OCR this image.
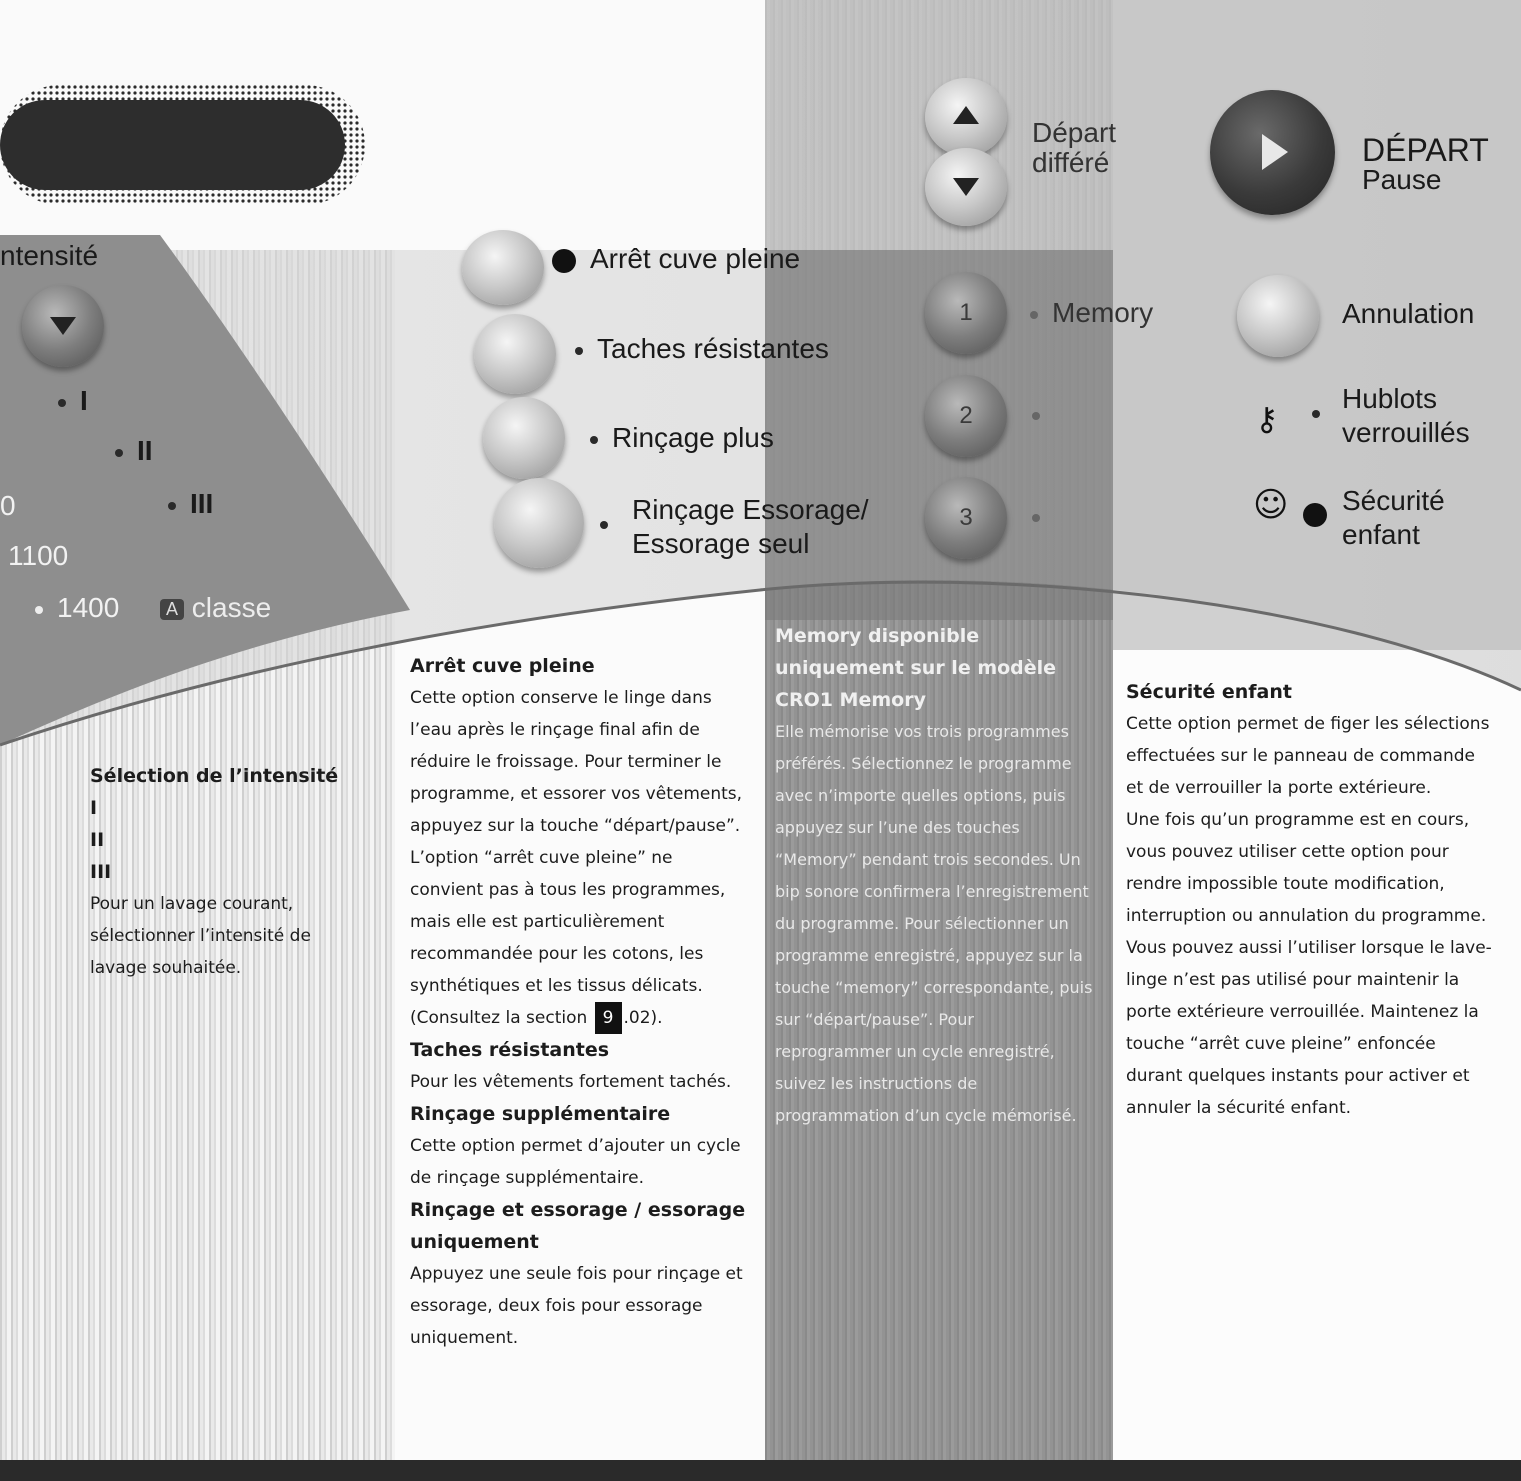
ntensité
I
II
III
0
1100
1400	A classe
Arrêt cuve pleine
Taches résistantes
Rinçage plus
Rinçage Essorage/
Essorage seul
Départ
différé	DÉPART
Pause
1	Memory
2
3
Annulation
⚷
Hublots
verrouillés
☺ Sécurité
enfant
Sélection de l’intensité
I
II
III

Pour un lavage courant, sélectionner l’intensité de lavage souhaitée.

Arrêt cuve pleine

Cette option conserve le linge dans l’eau après le rinçage final afin de réduire le froissage. Pour terminer le programme, et essorer vos vêtements, appuyez sur la touche “départ/pause”.

L’option “arrêt cuve pleine” ne convient pas à tous les programmes, mais elle est particulièrement recommandée pour les cotons, les synthétiques et les tissus délicats.

(Consultez la section 9 .02).

Taches résistantes

Pour les vêtements fortement tachés.

Rinçage supplémentaire

Cette option permet d’ajouter un cycle de rinçage supplémentaire.

Rinçage et essorage / essorage uniquement

Appuyez une seule fois pour rinçage et essorage, deux fois pour essorage uniquement.

Memory disponible uniquement sur le modèle CRO1 Memory

Elle mémorise vos trois programmes préférés. Sélectionnez le programme avec n’importe quelles options, puis appuyez sur l’une des touches “Memory” pendant trois secondes. Un bip sonore confirmera l’enregistrement du programme. Pour sélectionner un programme enregistré, appuyez sur la touche “memory” correspondante, puis sur “départ/pause”. Pour reprogrammer un cycle enregistré, suivez les instructions de programmation d’un cycle mémorisé.

Sécurité enfant

Cette option permet de figer les sélections effectuées sur le panneau de commande et de verrouiller la porte extérieure.

Une fois qu’un programme est en cours, vous pouvez utiliser cette option pour rendre impossible toute modification, interruption ou annulation du programme.

Vous pouvez aussi l’utiliser lorsque le lave-linge n’est pas utilisé pour maintenir la porte extérieure verrouillée. Maintenez la touche “arrêt cuve pleine” enfoncée durant quelques instants pour activer et annuler la sécurité enfant.
